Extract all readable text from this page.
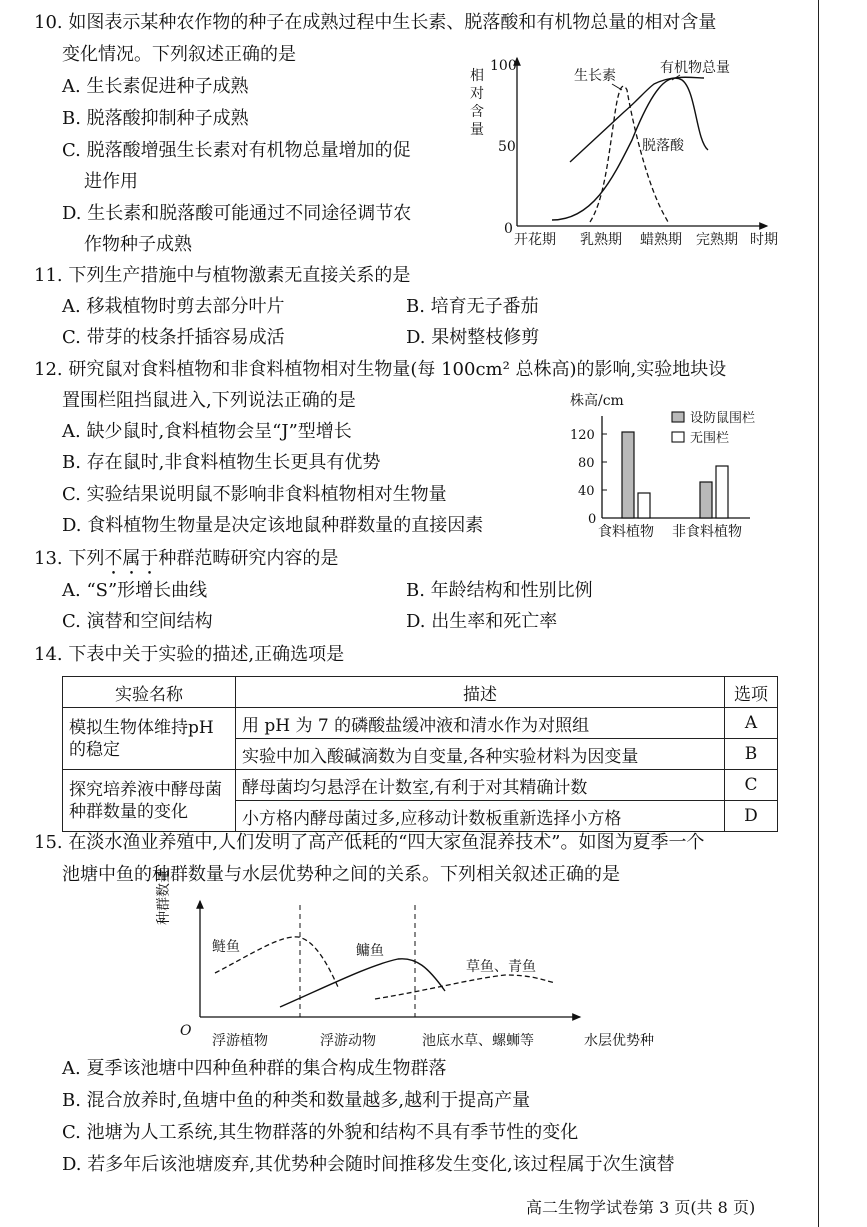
10. 如图表示某种农作物的种子在成熟过程中生长素、脱落酸和有机物总量的相对含量
变化情况。下列叙述正确的是
A. 生长素促进种子成熟
B. 脱落酸抑制种子成熟
C. 脱落酸增强生长素对有机物总量增加的促
进作用
D. 生长素和脱落酸可能通过不同途径调节农
作物种子成熟
相
对
含
量
100
50
0
开花期 乳熟期 蜡熟期 完熟期 时期
生长素	有机物总量
脱落酸
11. 下列生产措施中与植物激素无直接关系的是
A. 移栽植物时剪去部分叶片	B. 培育无子番茄
C. 带芽的枝条扦插容易成活	D. 果树整枝修剪
12. 研究鼠对食料植物和非食料植物相对生物量(每 100cm² 总株高)的影响,实验地块设
置围栏阻挡鼠进入,下列说法正确的是
A. 缺少鼠时,食料植物会呈“J”型增长
B. 存在鼠时,非食料植物生长更具有优势
C. 实验结果说明鼠不影响非食料植物相对生物量
D. 食料植物生物量是决定该地鼠种群数量的直接因素
株高/cm
0
40
80
120
食料植物 非食料植物
设防鼠围栏
无围栏
13. 下列不属于种群范畴研究内容的是
A. “S”形增长曲线	B. 年龄结构和性别比例
C. 演替和空间结构	D. 出生率和死亡率
14. 下表中关于实验的描述,正确选项是
实验名称	描述	选项
模拟生物体维持pH 的稳定	用 pH 为 7 的磷酸盐缓冲液和清水作为对照组	A
	实验中加入酸碱滴数为自变量,各种实验材料为因变量	B
探究培养液中酵母菌种群数量的变化	酵母菌均匀悬浮在计数室,有利于对其精确计数	C
	小方格内酵母菌过多,应移动计数板重新选择小方格	D
15. 在淡水渔业养殖中,人们发明了高产低耗的“四大家鱼混养技术”。如图为夏季一个
池塘中鱼的种群数量与水层优势种之间的关系。下列相关叙述正确的是
种群数量
O
鲢鱼	鳙鱼
草鱼、青鱼
浮游植物	浮游动物	池底水草、螺蛳等	水层优势种
A. 夏季该池塘中四种鱼种群的集合构成生物群落
B. 混合放养时,鱼塘中鱼的种类和数量越多,越利于提高产量
C. 池塘为人工系统,其生物群落的外貌和结构不具有季节性的变化
D. 若多年后该池塘废弃,其优势种会随时间推移发生变化,该过程属于次生演替
高二生物学试卷第 3 页(共 8 页)
